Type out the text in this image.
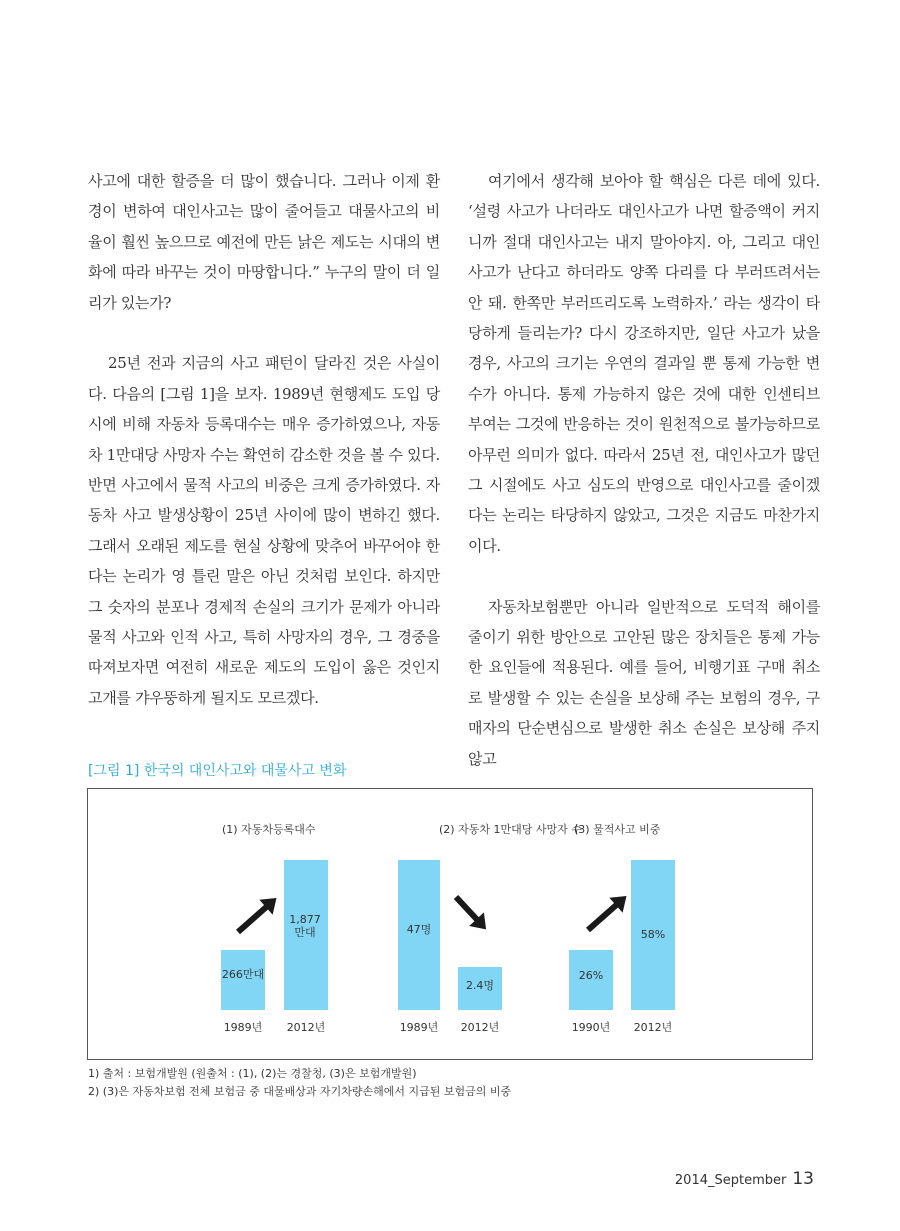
사고에 대한 할증을 더 많이 했습니다. 그러나 이제 환경이 변하여 대인사고는 많이 줄어들고 대물사고의 비율이 훨씬 높으므로 예전에 만든 낡은 제도는 시대의 변화에 따라 바꾸는 것이 마땅합니다.” 누구의 말이 더 일리가 있는가?

25년 전과 지금의 사고 패턴이 달라진 것은 사실이다. 다음의 [그림 1]을 보자. 1989년 현행제도 도입 당시에 비해 자동차 등록대수는 매우 증가하였으나, 자동차 1만대당 사망자 수는 확연히 감소한 것을 볼 수 있다. 반면 사고에서 물적 사고의 비중은 크게 증가하였다. 자동차 사고 발생상황이 25년 사이에 많이 변하긴 했다. 그래서 오래된 제도를 현실 상황에 맞추어 바꾸어야 한다는 논리가 영 틀린 말은 아닌 것처럼 보인다. 하지만 그 숫자의 분포나 경제적 손실의 크기가 문제가 아니라 물적 사고와 인적 사고, 특히 사망자의 경우, 그 경중을 따져보자면 여전히 새로운 제도의 도입이 옳은 것인지 고개를 갸우뚱하게 될지도 모르겠다.

여기에서 생각해 보아야 할 핵심은 다른 데에 있다. ‘설령 사고가 나더라도 대인사고가 나면 할증액이 커지니까 절대 대인사고는 내지 말아야지. 아, 그리고 대인사고가 난다고 하더라도 양쪽 다리를 다 부러뜨려서는 안 돼. 한쪽만 부러뜨리도록 노력하자.’ 라는 생각이 타당하게 들리는가? 다시 강조하지만, 일단 사고가 났을 경우, 사고의 크기는 우연의 결과일 뿐 통제 가능한 변수가 아니다. 통제 가능하지 않은 것에 대한 인센티브 부여는 그것에 반응하는 것이 원천적으로 불가능하므로 아무런 의미가 없다. 따라서 25년 전, 대인사고가 많던 그 시절에도 사고 심도의 반영으로 대인사고를 줄이겠다는 논리는 타당하지 않았고, 그것은 지금도 마찬가지이다.

자동차보험뿐만 아니라 일반적으로 도덕적 해이를 줄이기 위한 방안으로 고안된 많은 장치들은 통제 가능한 요인들에 적용된다. 예를 들어, 비행기표 구매 취소로 발생할 수 있는 손실을 보상해 주는 보험의 경우, 구매자의 단순변심으로 발생한 취소 손실은 보상해 주지 않고

[그림 1] 한국의 대인사고와 대물사고 변화
(1) 자동차등록대수
266만대
1989년
1,877
만대
2012년
(2) 자동차 1만대당 사망자 수
47명
1989년
2.4명
2012년
(3) 물적사고 비중
26%
1990년
58%
2012년
1) 출처 : 보험개발원 (원출처 : (1), (2)는 경찰청, (3)은 보험개발원)
2) (3)은 자동차보험 전체 보험금 중 대물배상과 자기차량손해에서 지급된 보험금의 비중
2014_September 13
